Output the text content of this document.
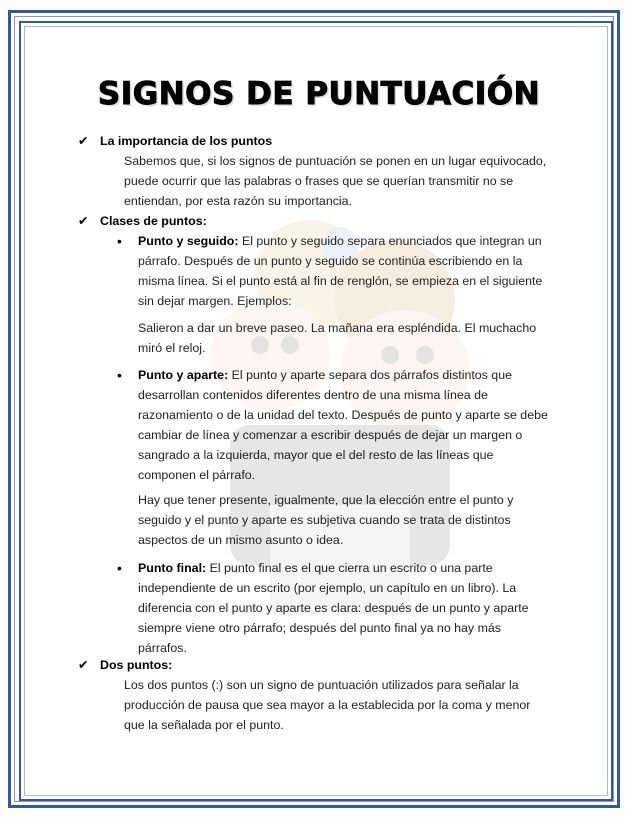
SIGNOS DE PUNTUACIÓN
✔ La importancia de los puntos
Sabemos que, si los signos de puntuación se ponen en un lugar equivocado,
puede ocurrir que las palabras o frases que se querían transmitir no se
entiendan, por esta razón su importancia.
✔ Clases de puntos:
• Punto y seguido: El punto y seguido separa enunciados que integran un
párrafo. Después de un punto y seguido se continúa escribiendo en la
misma línea. Si el punto está al fin de renglón, se empieza en el siguiente
sin dejar margen. Ejemplos:
Salieron a dar un breve paseo. La mañana era espléndida. El muchacho
miró el reloj.
• Punto y aparte: El punto y aparte separa dos párrafos distintos que
desarrollan contenidos diferentes dentro de una misma línea de
razonamiento o de la unidad del texto. Después de punto y aparte se debe
cambiar de línea y comenzar a escribir después de dejar un margen o
sangrado a la izquierda, mayor que el del resto de las líneas que
componen el párrafo.
Hay que tener presente, igualmente, que la elección entre el punto y
seguido y el punto y aparte es subjetiva cuando se trata de distintos
aspectos de un mismo asunto o idea.
• Punto final: El punto final es el que cierra un escrito o una parte
independiente de un escrito (por ejemplo, un capítulo en un libro). La
diferencia con el punto y aparte es clara: después de un punto y aparte
siempre viene otro párrafo; después del punto final ya no hay más
párrafos.
✔ Dos puntos:
Los dos puntos (:) son un signo de puntuación utilizados para señalar la
producción de pausa que sea mayor a la establecida por la coma y menor
que la señalada por el punto.
